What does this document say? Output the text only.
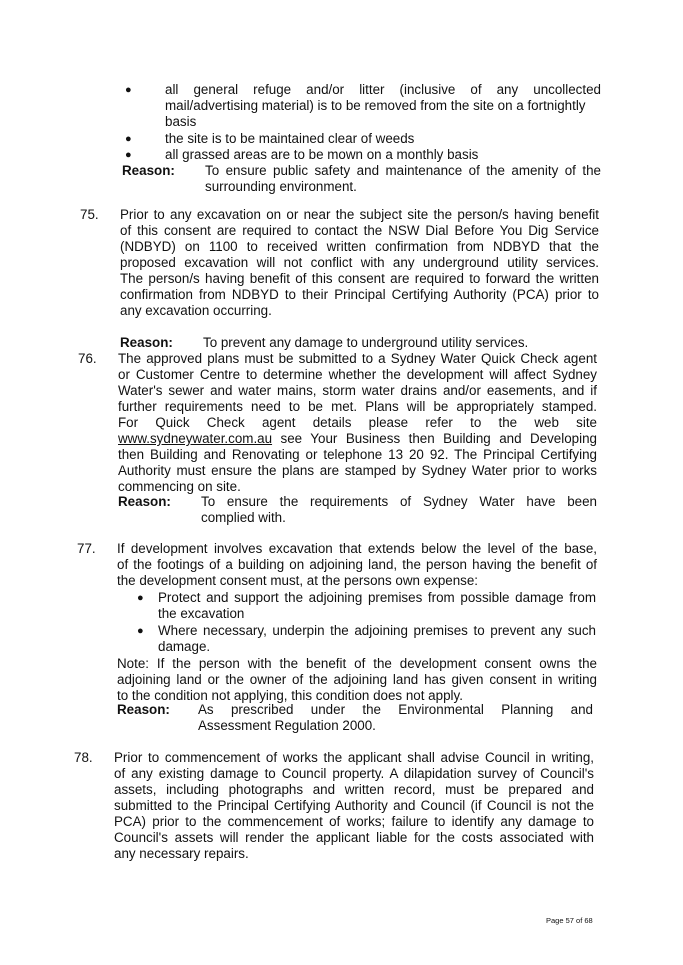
● all general refuge and/or litter (inclusive of any uncollected
mail/advertising material) is to be removed from the site on a fortnightly
basis
● the site is to be maintained clear of weeds
● all grassed areas are to be mown on a monthly basis
Reason: To ensure public safety and maintenance of the amenity of the
surrounding environment.
75. Prior to any excavation on or near the subject site the person/s having benefit
of this consent are required to contact the NSW Dial Before You Dig Service
(NDBYD) on 1100 to received written confirmation from NDBYD that the
proposed excavation will not conflict with any underground utility services.
The person/s having benefit of this consent are required to forward the written
confirmation from NDBYD to their Principal Certifying Authority (PCA) prior to
any excavation occurring.
Reason: To prevent any damage to underground utility services.
76. The approved plans must be submitted to a Sydney Water Quick Check agent
or Customer Centre to determine whether the development will affect Sydney
Water's sewer and water mains, storm water drains and/or easements, and if
further requirements need to be met. Plans will be appropriately stamped.
For Quick Check agent details please refer to the web site
www.sydneywater.com.au see Your Business then Building and Developing
then Building and Renovating or telephone 13 20 92. The Principal Certifying
Authority must ensure the plans are stamped by Sydney Water prior to works
commencing on site.
Reason: To ensure the requirements of Sydney Water have been
complied with.
77. If development involves excavation that extends below the level of the base,
of the footings of a building on adjoining land, the person having the benefit of
the development consent must, at the persons own expense:
● Protect and support the adjoining premises from possible damage from
the excavation
● Where necessary, underpin the adjoining premises to prevent any such
damage.
Note: If the person with the benefit of the development consent owns the
adjoining land or the owner of the adjoining land has given consent in writing
to the condition not applying, this condition does not apply.
Reason: As prescribed under the Environmental Planning and
Assessment Regulation 2000.
78. Prior to commencement of works the applicant shall advise Council in writing,
of any existing damage to Council property. A dilapidation survey of Council's
assets, including photographs and written record, must be prepared and
submitted to the Principal Certifying Authority and Council (if Council is not the
PCA) prior to the commencement of works; failure to identify any damage to
Council's assets will render the applicant liable for the costs associated with
any necessary repairs.
Page 57 of 68
